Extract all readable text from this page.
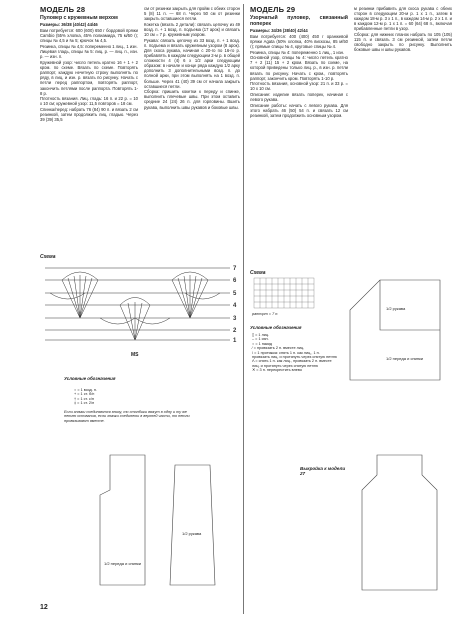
МОДЕЛЬ 28
Пуловер с кружевным верхом

Размеры: 36/38 (40/42) 44/46

Вам потребуется: 600 (600) 650 г бордовой пряжи Cambio (55% хлопка, 45% полиамида, 75 м/50 г); спицы № 4,5 и № 5; крючок № 4,5.

Резинка, спицы № 4,5: попеременно 1 лиц., 1 изн.

Лицевая гладь, спицы № 5: лиц. р. — лиц. п., изн. р. — изн. п.

Кружевной узор: число петель кратно 16 + 1 + 2 кром. по схеме. Вязать по схеме. Повторять раппорт, каждую нечетную строку выполнять по ряду, в лиц. и изн. р. вязать по рисунку. Начать с петли перед раппортом, повторять раппорт, закончить петлями после раппорта. Повторять 1-8 р.

Плотность вязания. Лиц. гладь: 16 п. и 22 р. = 10 х 10 см; кружевной узор: 11,5 повторов = 18 см.

Спинка/перед: набрать 76 (84) 90 п. и вязать 2 см резинкой, затем продолжить лиц. гладью. Через 39 (39) 35,5

см от резинки закрыть для пройм с обеих сторон 5 (8) 11 п. — 68 п. Через 50 см от резинки закрыть оставшиеся петли.

Кокетка (вязать 2 детали): связать цепочку из 49 возд. п. + 1 возд. п. подъема (17 арок) и связать 10 см = 7 р. кружевным узором.

Рукава: связать цепочку из 33 возд. п. + 1 возд. п. подъема и вязать кружевным узором (8 арок). Для скоса рукава, начиная с 20-го по 16-го р. прибавлять в каждом следующем 2-м р. в общей сложности 4 (4) 6 х 1/2 арки следующим образом: в начале и конце ряда каждую 1/2 арку дополнить 3 дополнительными возд. п. до полной арки, при этом выполнять на 1 возд. п. больше. Через 41 (40) 39 см от начала закрыть оставшиеся петли.

Сборка: пришить кокетки к переду и спинке, выполнить плечевые швы. При этом оставить средние 24 (24) 26 п. для горловины. Вшить рукава, выполнить швы рукавов и боковые швы.

МОДЕЛЬ 29
Узорчатый пуловер, связанный поперек

Размеры: 34/36 (38/40) 42/44

Вам потребуется: 400 (400) 450 г оранжевой пряжи Agata (50% хлопка, 40% вискозы, 85 м/50 г); прямые спицы № 4, круговые спицы № 4.

Резинка, спицы № 4: попеременно 1 лиц., 1 изн.

Основной узор, спицы № 4: число петель кратно 7 + 2 (11) 15 + 2 кром. Вязать по схеме, на которой приведены только лиц. р., в изн. р. петли вязать по рисунку. Начать с кром., повторять раппорт, закончить кром. Повторять 1-10 р.

Плотность вязания, основной узор: 21 п. и 33 р. = 10 х 10 см.

Описание: изделие вязать поперек, начиная с левого рукава.

Описание работы: начать с левого рукава. Для этого набрать 46 (50) 54 п. и связать 12 см резинкой, затем продолжить основным узором.

м резинки прибавить для скоса рукава с обеих сторон в следующем 20-м р. 1 х 1 п., затем в каждом 18-м р. 3 х 1 п., в каждом 14-м р. 2 х 1 п. и в каждом 12-м р. 1 х 1 п. = 60 (64) 68 п., включая прибавленные петли в узор.

Сборка: для нижних планок набрать по 105 (105) 115 п. и связать 3 см резинкой, затем петли свободно закрыть по рисунку. Выполнить боковые швы и швы рукавов.

Схема
7
6
5
4
3
2
1
MS
Условные обозначения
○ = 1 возд. п.
+ = 1 ст. б/н
† = 1 ст. с/н
‡ = 1 ст. 2/н
Если значки соединяются внизу, то столбики вяжут в одну и ту же петлю основания, если значки соединены в верхней части, то петли провязывают вместе.
1/2 переда и спинки
1/2 рукава
Схема
раппорт = 7 п.
Условные обозначения
▯ = 1 лиц.
– = 1 изн.
○ = 1 накид
⁄ = провязать 2 п. вместе лиц.
\ = 1 протяжка: снять 1 п. как лиц., 1 п. провязать лиц. и протянуть через снятую петлю
Λ = снять 1 п. как лиц., провязать 2 п. вместе лиц. и протянуть через снятую петлю
✕ = 3 п. перекрестить влево
1/2 переда и спинки
1/2 рукава
Выкройка к модели 27
12
